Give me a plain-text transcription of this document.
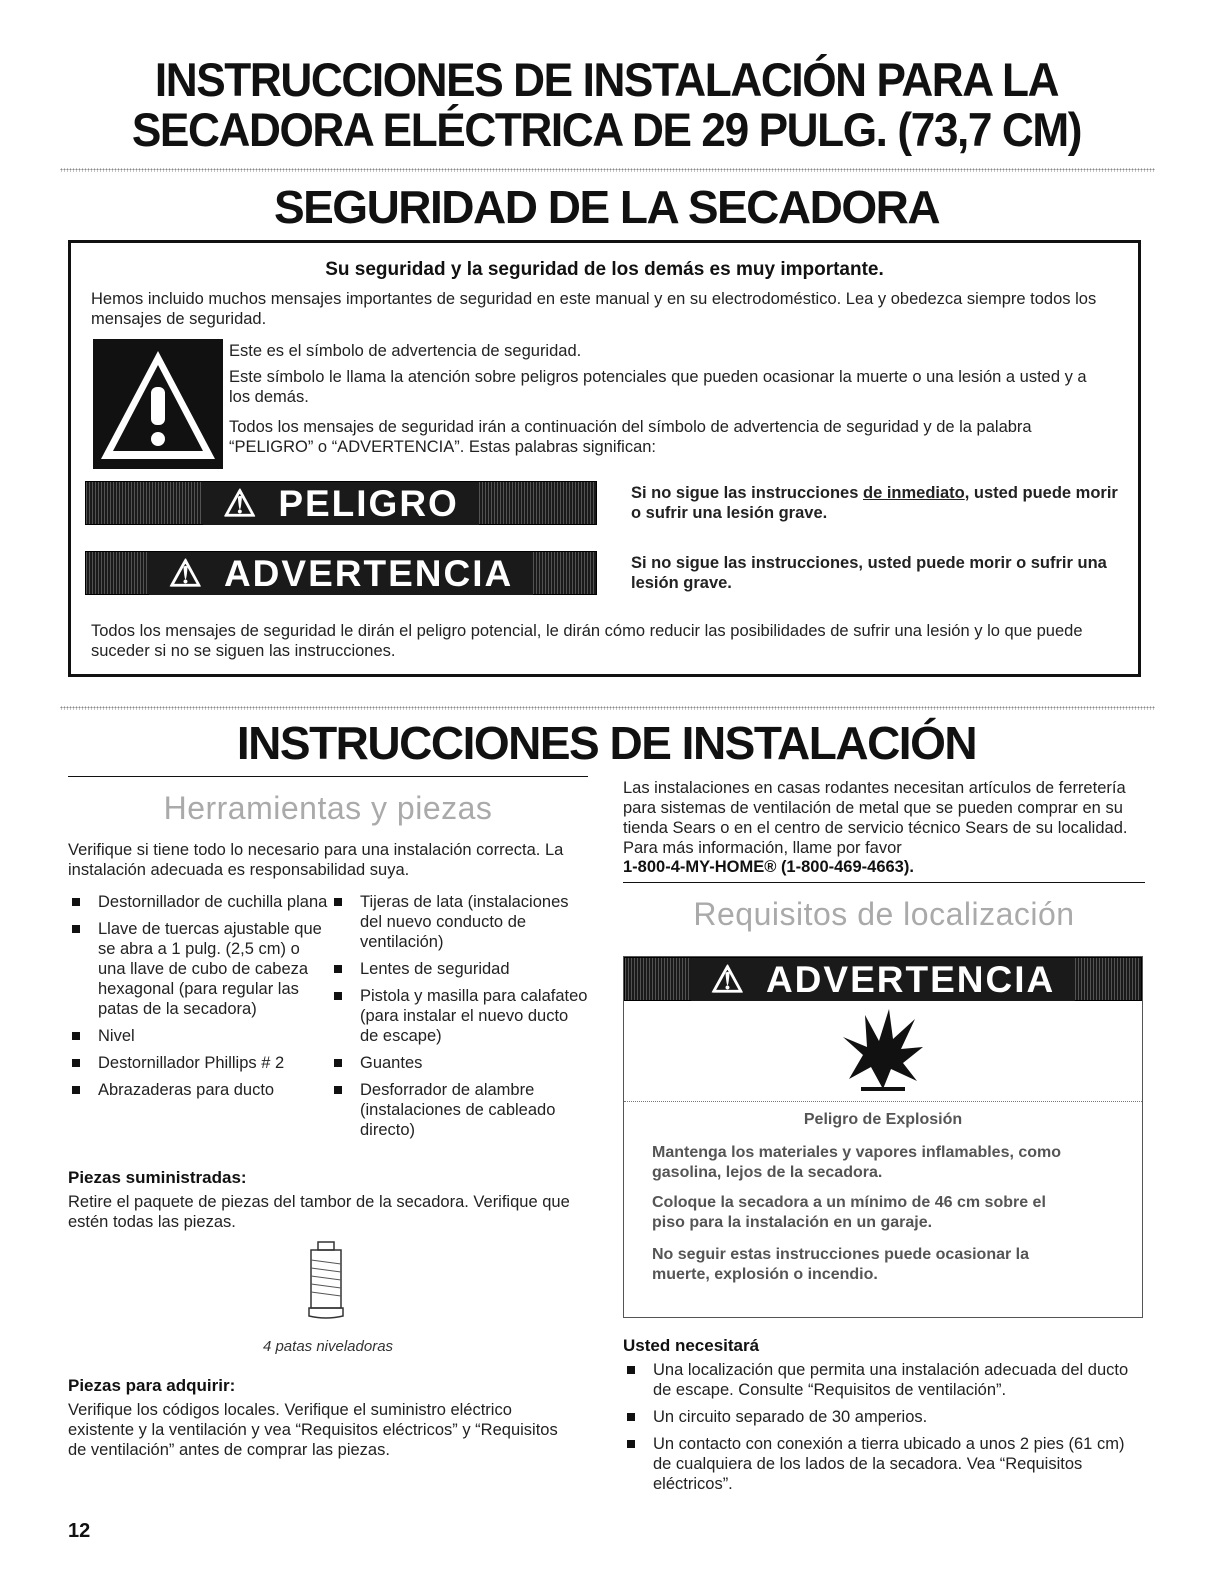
INSTRUCCIONES DE INSTALACIÓN PARA LA
SECADORA ELÉCTRICA DE 29 PULG. (73,7 CM)
SEGURIDAD DE LA SECADORA
Su seguridad y la seguridad de los demás es muy importante.
Hemos incluido muchos mensajes importantes de seguridad en este manual y en su electrodoméstico. Lea y obedezca siempre todos los mensajes de seguridad.
Este es el símbolo de advertencia de seguridad.
Este símbolo le llama la atención sobre peligros potenciales que pueden ocasionar la muerte o una lesión a usted y a los demás.
Todos los mensajes de seguridad irán a continuación del símbolo de advertencia de seguridad y de la palabra “PELIGRO” o “ADVERTENCIA”. Estas palabras significan:
⚠ PELIGRO	Si no sigue las instrucciones de inmediato, usted puede morir o sufrir una lesión grave.
⚠ ADVERTENCIA	Si no sigue las instrucciones, usted puede morir o sufrir una lesión grave.
Todos los mensajes de seguridad le dirán el peligro potencial, le dirán cómo reducir las posibilidades de sufrir una lesión y lo que puede suceder si no se siguen las instrucciones.
INSTRUCCIONES DE INSTALACIÓN
Herramientas y piezas
Verifique si tiene todo lo necesario para una instalación correcta. La instalación adecuada es responsabilidad suya.
Destornillador de cuchilla plana
Llave de tuercas ajustable que se abra a 1 pulg. (2,5 cm) o una llave de cubo de cabeza hexagonal (para regular las patas de la secadora)
Nivel
Destornillador Phillips # 2
Abrazaderas para ducto
Tijeras de lata (instalaciones del nuevo conducto de ventilación)
Lentes de seguridad
Pistola y masilla para calafateo (para instalar el nuevo ducto de escape)
Guantes
Desforrador de alambre (instalaciones de cableado directo)
Piezas suministradas:
Retire el paquete de piezas del tambor de la secadora. Verifique que estén todas las piezas.
4 patas niveladoras
Piezas para adquirir:
Verifique los códigos locales. Verifique el suministro eléctrico existente y la ventilación y vea “Requisitos eléctricos” y “Requisitos de ventilación” antes de comprar las piezas.
12
Las instalaciones en casas rodantes necesitan artículos de ferretería para sistemas de ventilación de metal que se pueden comprar en su tienda Sears o en el centro de servicio técnico Sears de su localidad. Para más información, llame por favor
1-800-4-MY-HOME® (1-800-469-4663).
Requisitos de localización
⚠ ADVERTENCIA
Peligro de Explosión
Mantenga los materiales y vapores inflamables, como gasolina, lejos de la secadora.
Coloque la secadora a un mínimo de 46 cm sobre el piso para la instalación en un garaje.
No seguir estas instrucciones puede ocasionar la muerte, explosión o incendio.
Usted necesitará
Una localización que permita una instalación adecuada del ducto de escape. Consulte “Requisitos de ventilación”.
Un circuito separado de 30 amperios.
Un contacto con conexión a tierra ubicado a unos 2 pies (61 cm) de cualquiera de los lados de la secadora. Vea “Requisitos eléctricos”.
